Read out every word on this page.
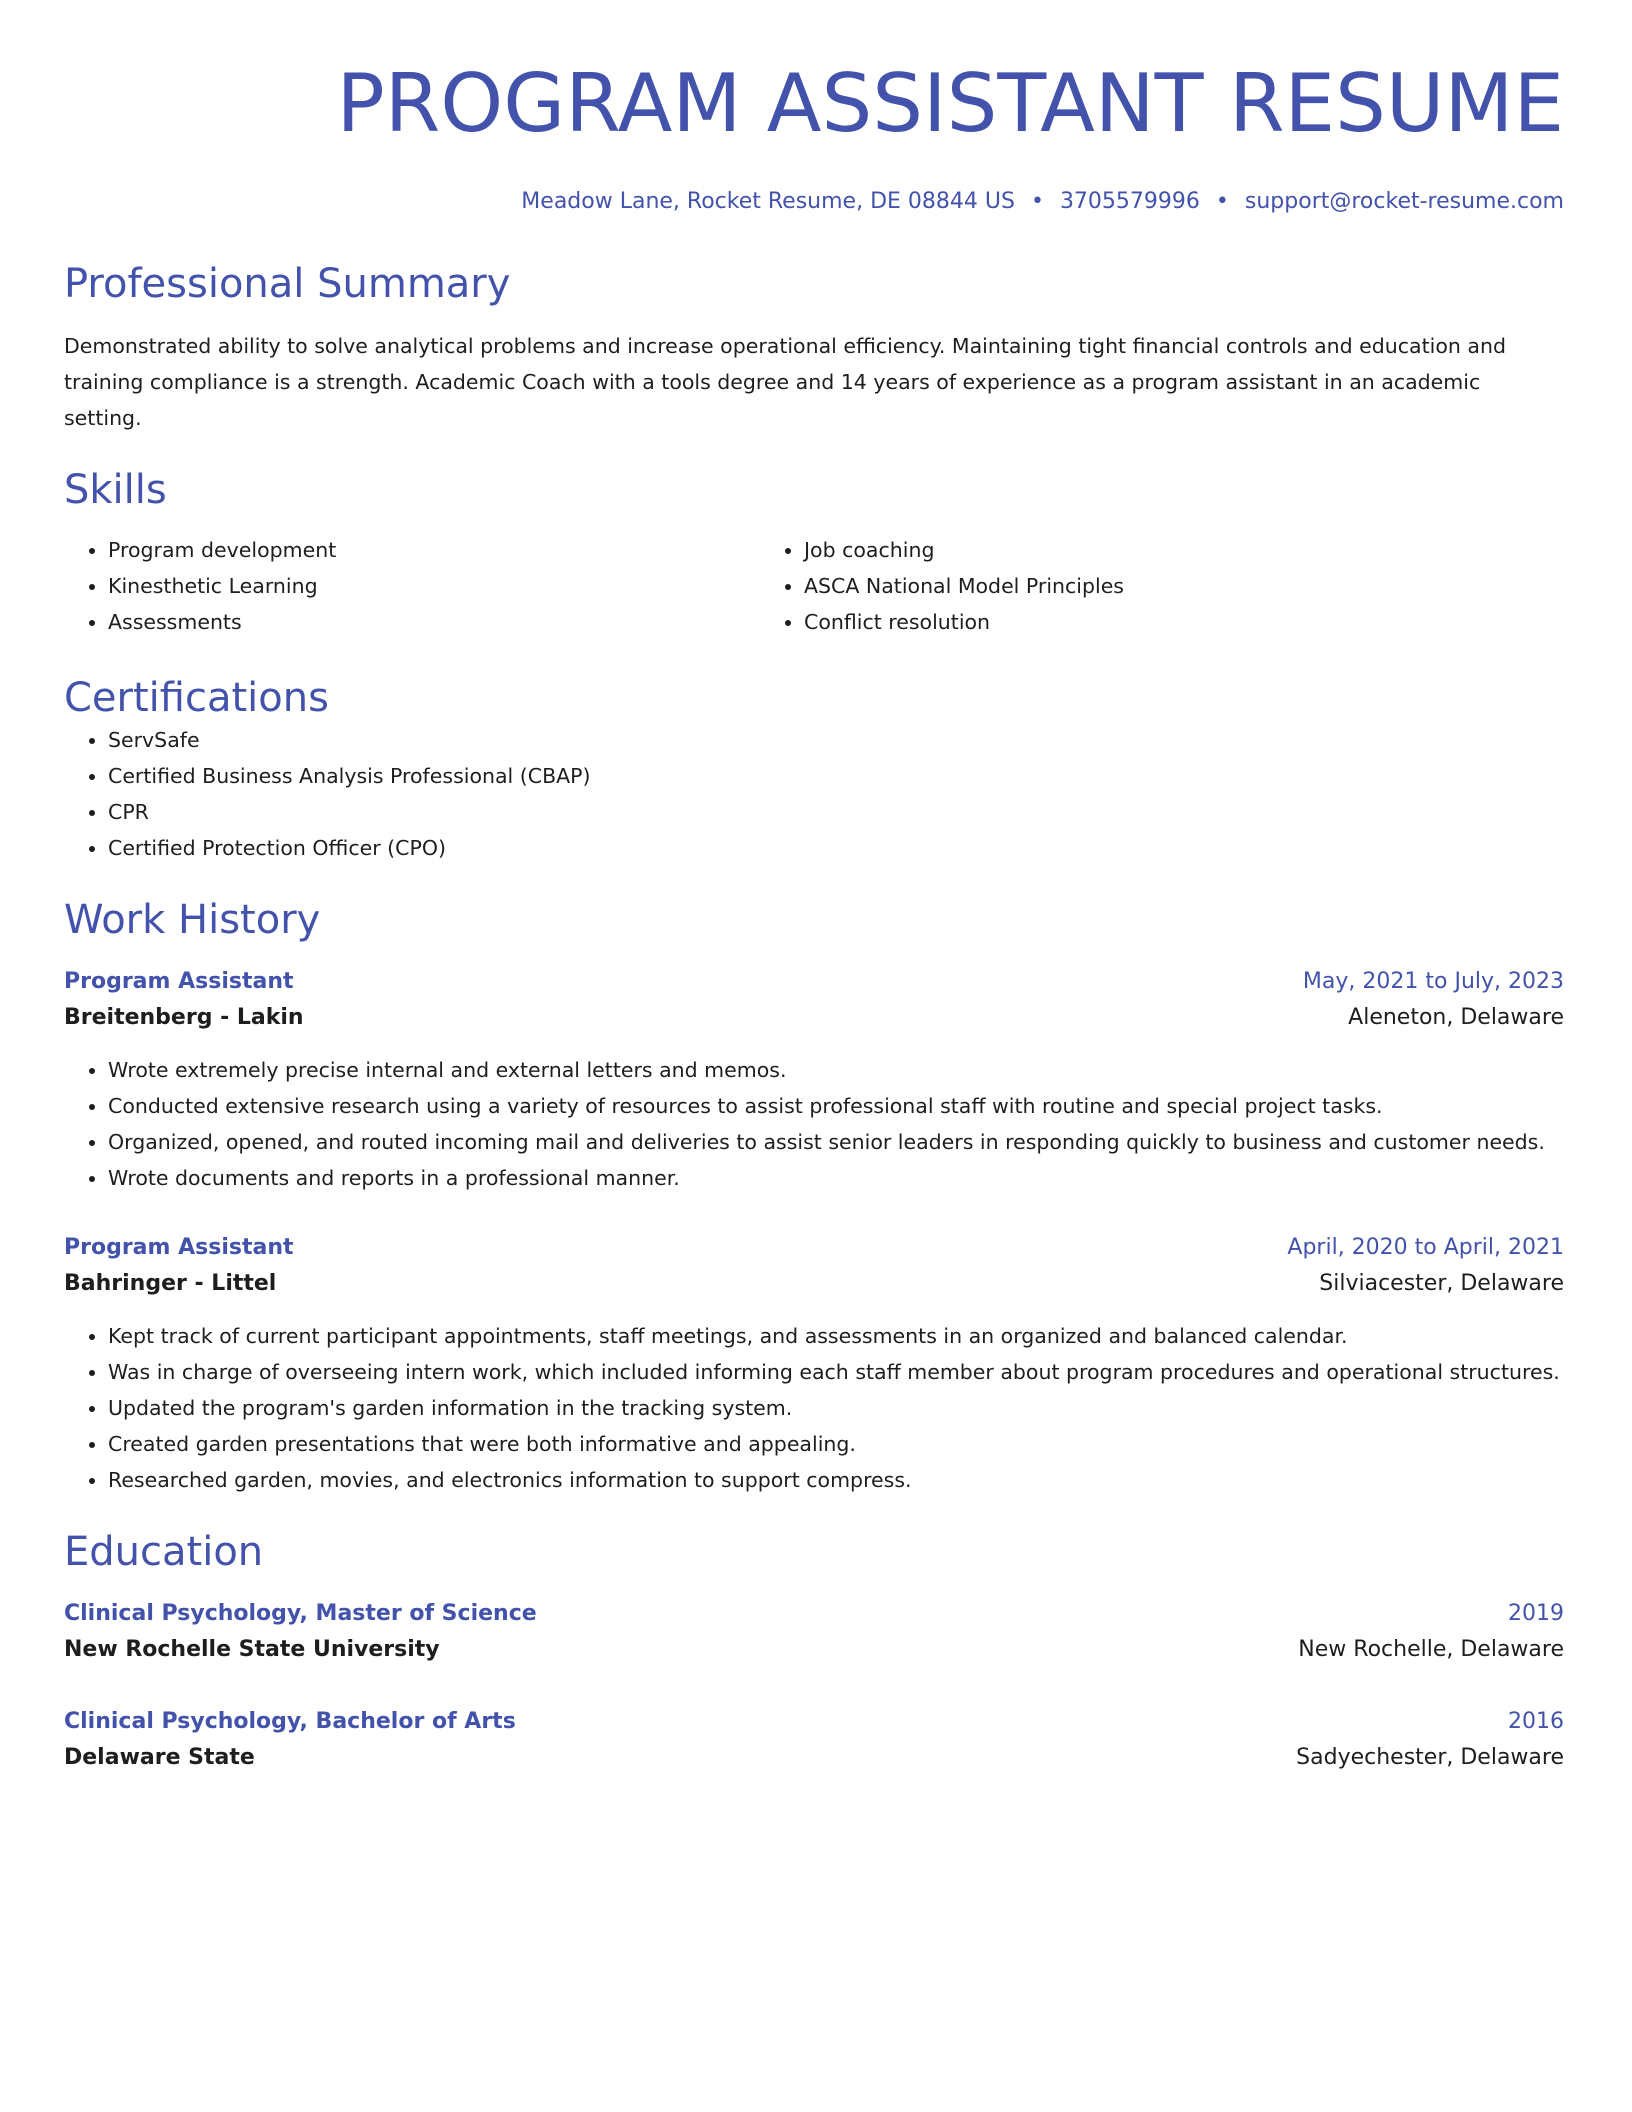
PROGRAM ASSISTANT RESUME
Meadow Lane, Rocket Resume, DE 08844 US • 3705579996 • support@rocket-resume.com
Professional Summary

Demonstrated ability to solve analytical problems and increase operational efficiency. Maintaining tight financial controls and education and training compliance is a strength. Academic Coach with a tools degree and 14 years of experience as a program assistant in an academic setting.

Skills
• Program development
• Kinesthetic Learning
• Assessments
• Job coaching
• ASCA National Model Principles
• Conflict resolution
Certifications
• ServSafe
• Certified Business Analysis Professional (CBAP)
• CPR
• Certified Protection Officer (CPO)
Work History
Program Assistant	May, 2021 to July, 2023
Breitenberg - Lakin	Aleneton, Delaware
• Wrote extremely precise internal and external letters and memos.
• Conducted extensive research using a variety of resources to assist professional staff with routine and special project tasks.
• Organized, opened, and routed incoming mail and deliveries to assist senior leaders in responding quickly to business and customer needs.
• Wrote documents and reports in a professional manner.
Program Assistant	April, 2020 to April, 2021
Bahringer - Littel	Silviacester, Delaware
• Kept track of current participant appointments, staff meetings, and assessments in an organized and balanced calendar.
• Was in charge of overseeing intern work, which included informing each staff member about program procedures and operational structures.
• Updated the program's garden information in the tracking system.
• Created garden presentations that were both informative and appealing.
• Researched garden, movies, and electronics information to support compress.
Education
Clinical Psychology, Master of Science	2019
New Rochelle State University	New Rochelle, Delaware
Clinical Psychology, Bachelor of Arts	2016
Delaware State	Sadyechester, Delaware
